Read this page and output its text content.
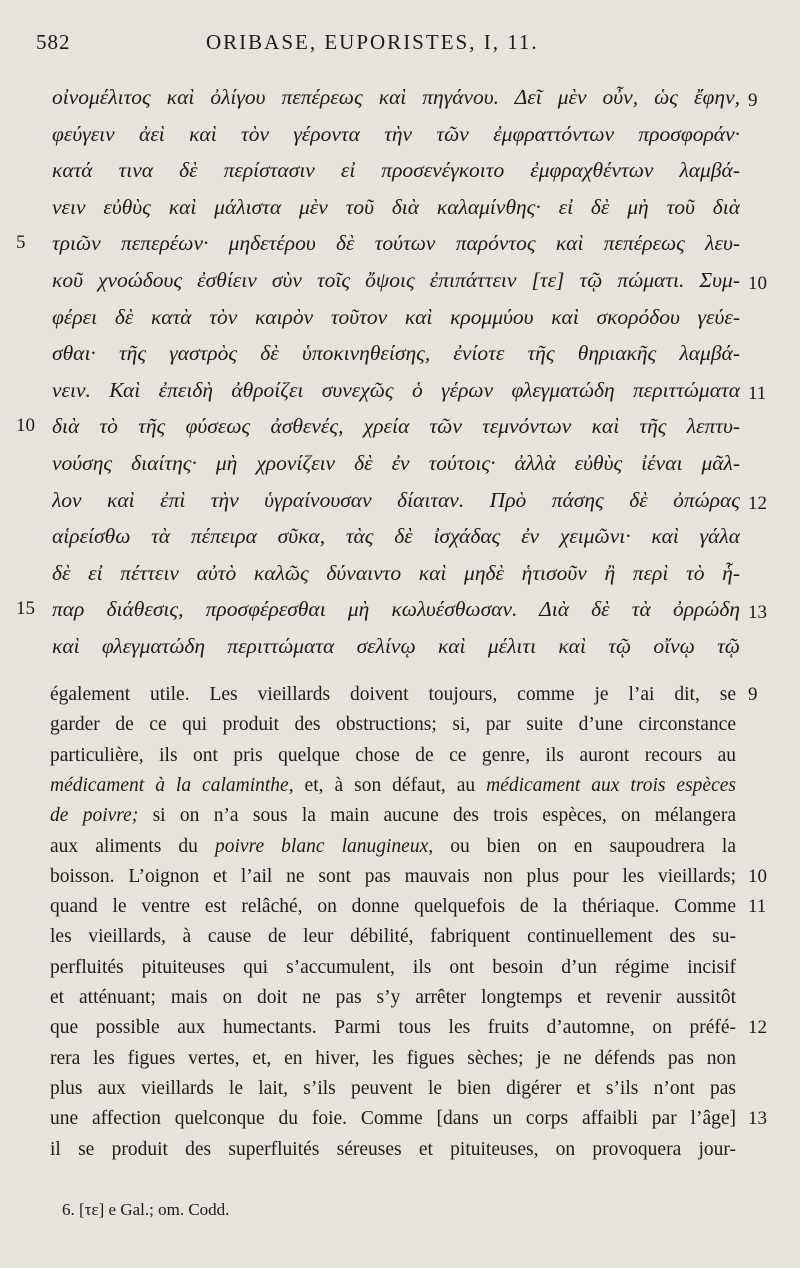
582	ORIBASE, EUPORISTES, I, 11.
οἰνομέλιτος καὶ ὀλίγου πεπέρεως καὶ πηγάνου. Δεῖ μὲν οὖν, ὡς ἔφην, 9
φεύγειν ἀεὶ καὶ τὸν γέροντα τὴν τῶν ἐμφραττόντων προσφοράν·
κατά τινα δὲ περίστασιν εἰ προσενέγκοιτο ἐμφραχθέντων λαμβά-
νειν εὐθὺς καὶ μάλιστα μὲν τοῦ διὰ καλαμίνθης· εἰ δὲ μὴ τοῦ διὰ
τριῶν πεπερέων· μηδετέρου δὲ τούτων παρόντος καὶ πεπέρεως λευ-
5
κοῦ χνοώδους ἐσθίειν σὺν τοῖς ὄψοις ἐπιπάττειν [τε] τῷ πώματι. Συμ- 10
φέρει δὲ κατὰ τὸν καιρὸν τοῦτον καὶ κρομμύου καὶ σκορόδου γεύε-
σθαι· τῆς γαστρὸς δὲ ὑποκινηθείσης, ἐνίοτε τῆς θηριακῆς λαμβά-
νειν. Καὶ ἐπειδὴ ἀθροίζει συνεχῶς ὁ γέρων φλεγματώδη περιττώματα 11
διὰ τὸ τῆς φύσεως ἀσθενές, χρεία τῶν τεμνόντων καὶ τῆς λεπτυ-
10
νούσης διαίτης· μὴ χρονίζειν δὲ ἐν τούτοις· ἀλλὰ εὐθὺς ἰέναι μᾶλ-
λον καὶ ἐπὶ τὴν ὑγραίνουσαν δίαιταν. Πρὸ πάσης δὲ ὀπώρας 12
αἱρείσθω τὰ πέπειρα σῦκα, τὰς δὲ ἰσχάδας ἐν χειμῶνι· καὶ γάλα
δὲ εἰ πέττειν αὐτὸ καλῶς δύναιντο καὶ μηδὲ ἡτισοῦν ἢ περὶ τὸ ἧ-
παρ διάθεσις, προσφέρεσθαι μὴ κωλυέσθωσαν. Διὰ δὲ τὰ ὀρρώδη
15	13
καὶ φλεγματώδη περιττώματα σελίνῳ καὶ μέλιτι καὶ τῷ οἴνῳ τῷ
également utile. Les vieillards doivent toujours, comme je l’ai dit, se 9
garder de ce qui produit des obstructions; si, par suite d’une circonstance
particulière, ils ont pris quelque chose de ce genre, ils auront recours au
médicament à la calaminthe, et, à son défaut, au médicament aux trois espèces
de poivre; si on n’a sous la main aucune des trois espèces, on mélangera
aux aliments du poivre blanc lanugineux, ou bien on en saupoudrera la
boisson. L’oignon et l’ail ne sont pas mauvais non plus pour les vieillards; 10
quand le ventre est relâché, on donne quelquefois de la thériaque. Comme 11
les vieillards, à cause de leur débilité, fabriquent continuellement des su-
perfluités pituiteuses qui s’accumulent, ils ont besoin d’un régime incisif
et atténuant; mais on doit ne pas s’y arrêter longtemps et revenir aussitôt
que possible aux humectants. Parmi tous les fruits d’automne, on préfé- 12
rera les figues vertes, et, en hiver, les figues sèches; je ne défends pas non
plus aux vieillards le lait, s’ils peuvent le bien digérer et s’ils n’ont pas
une affection quelconque du foie. Comme [dans un corps affaibli par l’âge] 13
il se produit des superfluités séreuses et pituiteuses, on provoquera jour-
6. [τε] e Gal.; om. Codd.
